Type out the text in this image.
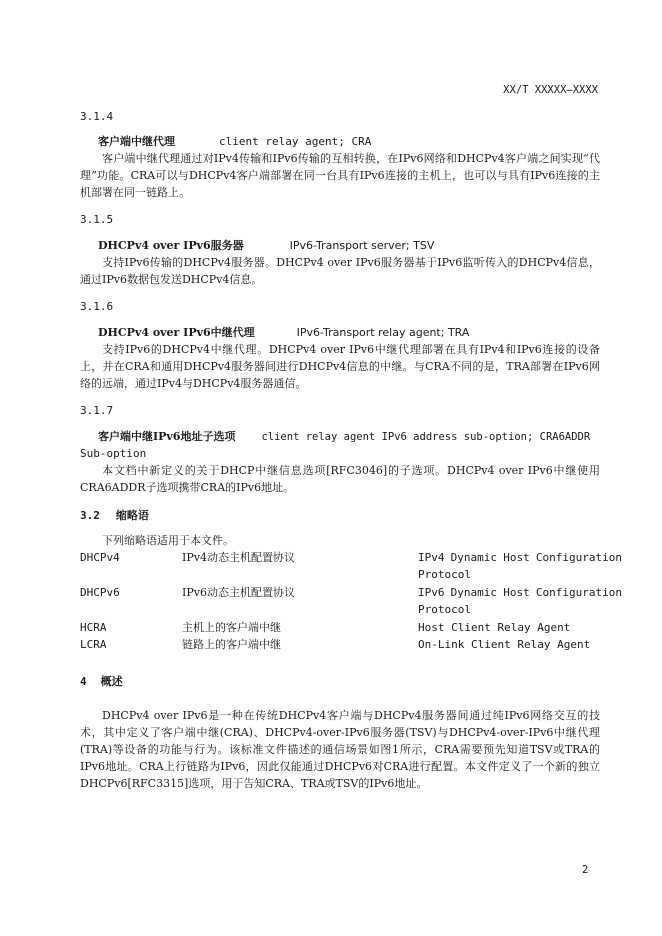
XX/T XXXXX—XXXX
3.1.4
客户端中继代理	client relay agent; CRA
客户端中继代理通过对IPv4传输和IPv6传输的互相转换，在IPv6网络和DHCPv4客户端之间实现“代理”功能。CRA可以与DHCPv4客户端部署在同一台具有IPv6连接的主机上，也可以与具有IPv6连接的主机部署在同一链路上。
3.1.5
DHCPv4 over IPv6服务器	IPv6-Transport server; TSV
支持IPv6传输的DHCPv4服务器。DHCPv4 over IPv6服务器基于IPv6监听传入的DHCPv4信息，通过IPv6数据包发送DHCPv4信息。
3.1.6
DHCPv4 over IPv6中继代理	IPv6-Transport relay agent; TRA
支持IPv6的DHCPv4中继代理。DHCPv4 over IPv6中继代理部署在具有IPv4和IPv6连接的设备上，并在CRA和通用DHCPv4服务器间进行DHCPv4信息的中继。与CRA不同的是，TRA部署在IPv6网络的远端，通过IPv4与DHCPv4服务器通信。
3.1.7
客户端中继IPv6地址子选项 client relay agent IPv6 address sub-option; CRA6ADDR
Sub-option
本文档中新定义的关于DHCP中继信息选项[RFC3046]的子选项。DHCPv4 over IPv6中继使用CRA6ADDR子选项携带CRA的IPv6地址。
3.2 缩略语
下列缩略语适用于本文件。
DHCPv4	IPv4动态主机配置协议	IPv4 Dynamic Host Configuration
Protocol
DHCPv6	IPv6动态主机配置协议	IPv6 Dynamic Host Configuration
Protocol
HCRA	主机上的客户端中继	Host Client Relay Agent
LCRA	链路上的客户端中继	On-Link Client Relay Agent
4 概述
DHCPv4 over IPv6是一种在传统DHCPv4客户端与DHCPv4服务器间通过纯IPv6网络交互的技术，其中定义了客户端中继(CRA)、DHCPv4-over-IPv6服务器(TSV)与DHCPv4-over-IPv6中继代理(TRA)等设备的功能与行为。该标准文件描述的通信场景如图1所示，CRA需要预先知道TSV或TRA的IPv6地址。CRA上行链路为IPv6，因此仅能通过DHCPv6对CRA进行配置。本文件定义了一个新的独立DHCPv6[RFC3315]选项，用于告知CRA、TRA或TSV的IPv6地址。
2
